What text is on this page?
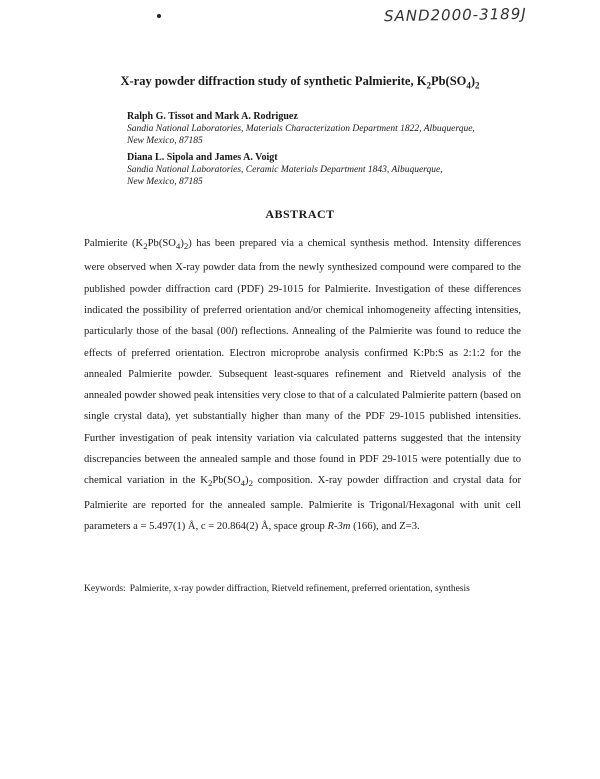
SAND2000-3189J
X-ray powder diffraction study of synthetic Palmierite, $K_2Pb(SO_4)_2$
Ralph G. Tissot and Mark A. Rodriguez
Sandia National Laboratories, Materials Characterization Department 1822, Albuquerque,
New Mexico, 87185
Diana L. Sipola and James A. Voigt
Sandia National Laboratories, Ceramic Materials Department 1843, Albuquerque,
New Mexico, 87185
ABSTRACT
Palmierite $(K_2Pb(SO_4)_2)$ has been prepared via a chemical synthesis method. Intensity differences were observed when X-ray powder data from the newly synthesized compound were compared to the published powder diffraction card (PDF) 29-1015 for Palmierite. Investigation of these differences indicated the possibility of preferred orientation and/or chemical inhomogeneity affecting intensities, particularly those of the basal (00l) reflections. Annealing of the Palmierite was found to reduce the effects of preferred orientation. Electron microprobe analysis confirmed K:Pb:S as 2:1:2 for the annealed Palmierite powder. Subsequent least-squares refinement and Rietveld analysis of the annealed powder showed peak intensities very close to that of a calculated Palmierite pattern (based on single crystal data), yet substantially higher than many of the PDF 29-1015 published intensities. Further investigation of peak intensity variation via calculated patterns suggested that the intensity discrepancies between the annealed sample and those found in PDF 29-1015 were potentially due to chemical variation in the $K_2Pb(SO_4)_2$ composition. X-ray powder diffraction and crystal data for Palmierite are reported for the annealed sample. Palmierite is Trigonal/Hexagonal with unit cell parameters a = 5.497(1) Å, c = 20.864(2) Å, space group R-3m (166), and Z=3.
Keywords: Palmierite, x-ray powder diffraction, Rietveld refinement, preferred orientation, synthesis
